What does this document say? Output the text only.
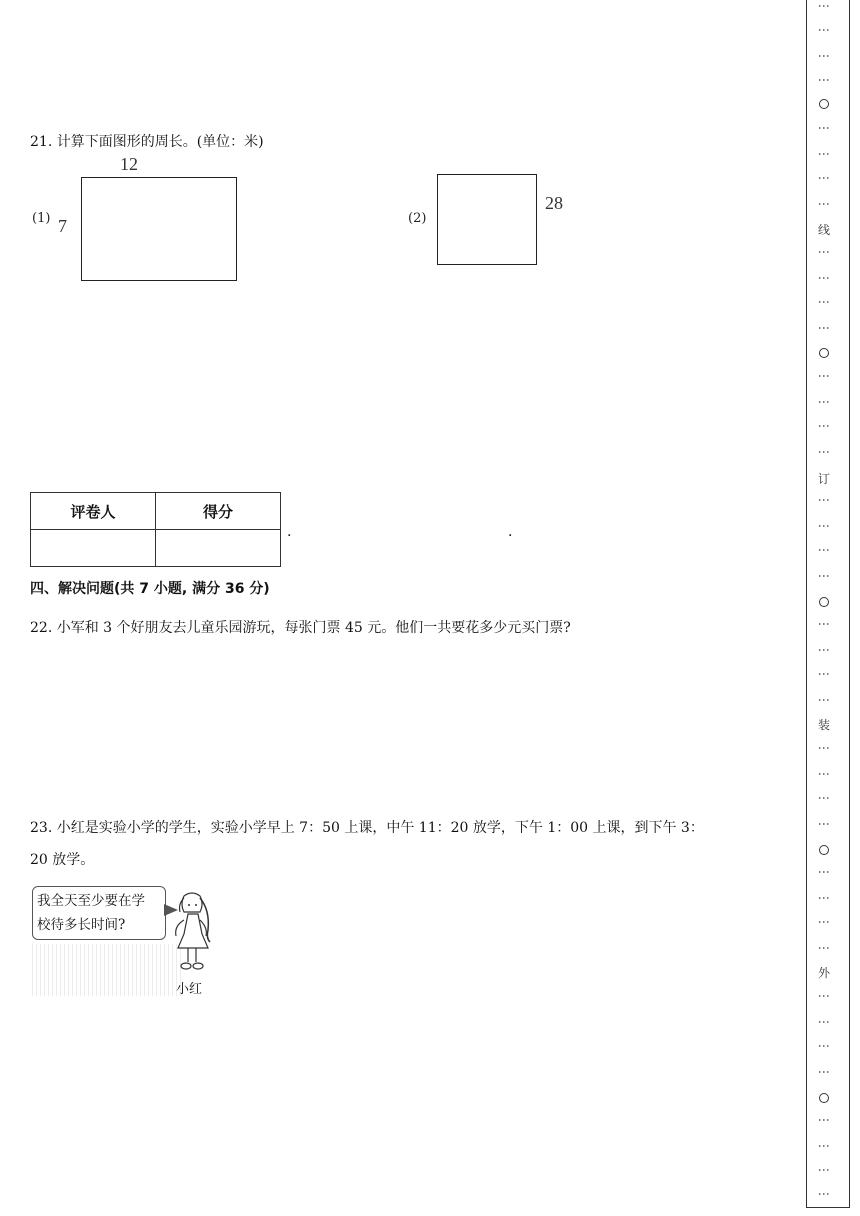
21. 计算下面图形的周长。(单位：米)
(1) 7
12
(2)
28
评卷人	得分

.	.
四、解决问题(共 7 小题, 满分 36 分)
22. 小军和 3 个好朋友去儿童乐园游玩，每张门票 45 元。他们一共要花多少元买门票?
23. 小红是实验小学的学生，实验小学早上 7：50 上课，中午 11：20 放学，下午 1：00 上课，到下午 3：
20 放学。
我全天至少要在学
校待多长时间?
小红
⋮
⋮
⋮
⋮
⋮
⋮
⋮
⋮
线
⋮
⋮
⋮
⋮
⋮
⋮
⋮
⋮
订
⋮
⋮
⋮
⋮
⋮
⋮
⋮
⋮
装
⋮
⋮
⋮
⋮
⋮
⋮
⋮
⋮
外
⋮
⋮
⋮
⋮
⋮
⋮
⋮
⋮
